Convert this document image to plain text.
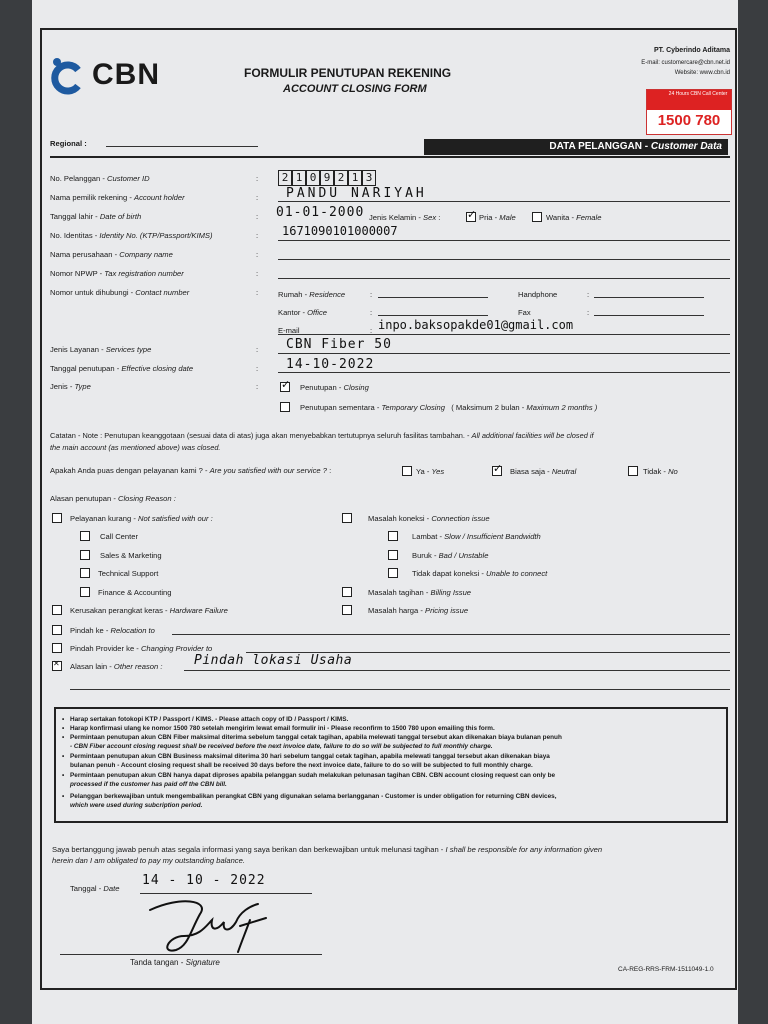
CBN	FORMULIR PENUTUPAN REKENING
ACCOUNT CLOSING FORM
PT. Cyberindo Aditama
E-mail: customercare@cbn.net.id
Website: www.cbn.id
24 Hours CBN Call Center
1500 780
Regional :	DATA PELANGGAN - Customer Data
No. Pelanggan - Customer ID	:	2 1 0 9 2 1 3
Nama pemilik rekening - Account holder	: PANDU NARIYAH
Tanggal lahir - Date of birth	: 01-01-2000 Jenis Kelamin - Sex : ✓	Pria - Male	Wanita - Female
No. Identitas - Identity No. (KTP/Passport/KIMS)	: 1671090101000007
Nama perusahaan - Company name	:
Nomor NPWP - Tax registration number	:
Nomor untuk dihubungi - Contact number	:	Rumah - Residence	:	Handphone	:
Kantor - Office	:	Fax	:
E-mail	: inpo.baksopakde01@gmail.com
Jenis Layanan - Services type	: CBN Fiber 50
Tanggal penutupan - Effective closing date	: 14-10-2022
Jenis - Type	: ✓	Penutupan - Closing
Penutupan sementara - Temporary Closing ( Maksimum 2 bulan - Maximum 2 months )
Catatan - Note : Penutupan keanggotaan (sesuai data di atas) juga akan menyebabkan tertutupnya seluruh fasilitas tambahan. - All additional facilities will be closed if
the main account (as mentioned above) was closed.
Apakah Anda puas dengan pelayanan kami ? - Are you satisfied with our service ? :	Ya - Yes ✓	Biasa saja - Neutral	Tidak - No
Alasan penutupan - Closing Reason :
Pelayanan kurang - Not satisfied with our :
Call Center
Sales & Marketing
Technical Support
Finance & Accounting
Kerusakan perangkat keras - Hardware Failure
Pindah ke - Relocation to
Pindah Provider ke - Changing Provider to
✕
Alasan lain - Other reason : Pindah lokasi Usaha
Masalah koneksi - Connection issue
Lambat - Slow / Insufficient Bandwidth
Buruk - Bad / Unstable
Tidak dapat koneksi - Unable to connect
Masalah tagihan - Billing Issue
Masalah harga - Pricing issue
• Harap sertakan fotokopi KTP / Passport / KIMS. - Please attach copy of ID / Passport / KIMS.
• Harap konfirmasi ulang ke nomor 1500 780 setelah mengirim lewat email formulir ini - Please reconfirm to 1500 780 upon emailing this form.
• Permintaan penutupan akun CBN Fiber maksimal diterima sebelum tanggal cetak tagihan, apabila melewati tanggal tersebut akan dikenakan biaya bulanan penuh
- CBN Fiber account closing request shall be received before the next invoice date, failure to do so will be subjected to full monthly charge.
• Permintaan penutupan akun CBN Business maksimal diterima 30 hari sebelum tanggal cetak tagihan, apabila melewati tanggal tersebut akan dikenakan biaya
bulanan penuh - Account closing request shall be received 30 days before the next invoice date, failure to do so will be subjected to full monthly charge.
• Permintaan penutupan akun CBN hanya dapat diproses apabila pelanggan sudah melakukan pelunasan tagihan CBN. CBN account closing request can only be
processed if the customer has paid off the CBN bill.
• Pelanggan berkewajiban untuk mengembalikan perangkat CBN yang digunakan selama berlangganan - Customer is under obligation for returning CBN devices,
which were used during subcription period.
Saya bertanggung jawab penuh atas segala informasi yang saya berikan dan berkewajiban untuk melunasi tagihan - I shall be responsible for any information given
herein dan I am obligated to pay my outstanding balance.
Tanggal - Date
14 - 10 - 2022
Tanda tangan - Signature
CA-REG-RRS-FRM-1511049-1.0
